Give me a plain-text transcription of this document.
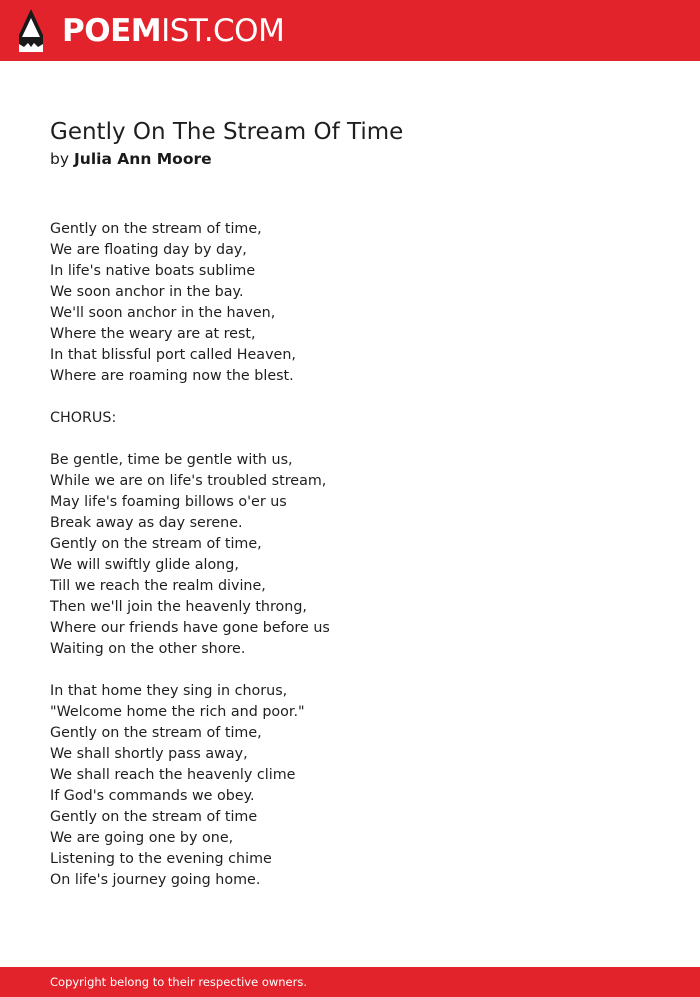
POEMIST.COM
Gently On The Stream Of Time
by Julia Ann Moore
Gently on the stream of time,
We are floating day by day,
In life's native boats sublime
We soon anchor in the bay.
We'll soon anchor in the haven,
Where the weary are at rest,
In that blissful port called Heaven,
Where are roaming now the blest.
CHORUS:
Be gentle, time be gentle with us,
While we are on life's troubled stream,
May life's foaming billows o'er us
Break away as day serene.
Gently on the stream of time,
We will swiftly glide along,
Till we reach the realm divine,
Then we'll join the heavenly throng,
Where our friends have gone before us
Waiting on the other shore.
In that home they sing in chorus,
"Welcome home the rich and poor."
Gently on the stream of time,
We shall shortly pass away,
We shall reach the heavenly clime
If God's commands we obey.
Gently on the stream of time
We are going one by one,
Listening to the evening chime
On life's journey going home.
Copyright belong to their respective owners.
